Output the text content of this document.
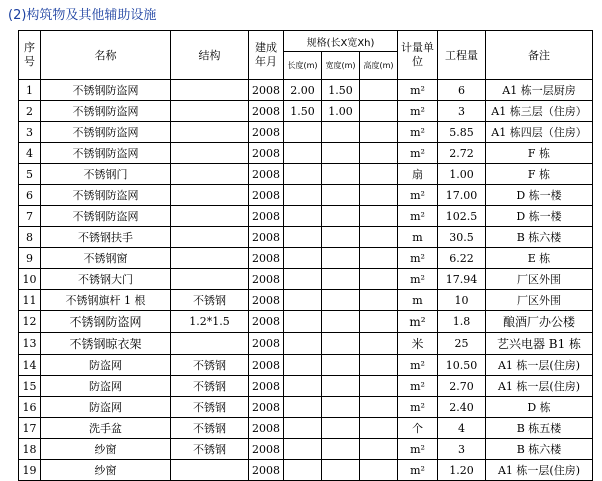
(2)构筑物及其他辅助设施
序号	名称	结构	建成年月	规格(长X宽Xh)			计量单位	工程量	备注
				长度(m)	宽度(m)	高度(m)			
1	不锈钢防盗网		2008	2.00	1.50		m²	6	A1 栋一层厨房
2	不锈钢防盗网		2008	1.50	1.00		m²	3	A1 栋三层（住房）
3	不锈钢防盗网		2008				m²	5.85	A1 栋四层（住房）
4	不锈钢防盗网		2008				m²	2.72	F 栋
5	不锈钢门		2008				扇	1.00	F 栋
6	不锈钢防盗网		2008				m²	17.00	D 栋一楼
7	不锈钢防盗网		2008				m²	102.5	D 栋一楼
8	不锈钢扶手		2008				m	30.5	B 栋六楼
9	不锈钢窗		2008				m²	6.22	E 栋
10	不锈钢大门		2008				m²	17.94	厂区外围
11	不锈钢旗杆 1 根	不锈钢	2008				m	10	厂区外围
12	不锈钢防盗网	1.2*1.5	2008				m²	1.8	酿酒厂办公楼
13	不锈钢晾衣架		2008				米	25	艺兴电器 B1 栋
14	防盗网	不锈钢	2008				m²	10.50	A1 栋一层(住房)
15	防盗网	不锈钢	2008				m²	2.70	A1 栋一层(住房)
16	防盗网	不锈钢	2008				m²	2.40	D 栋
17	洗手盆	不锈钢	2008				个	4	B 栋五楼
18	纱窗	不锈钢	2008				m²	3	B 栋六楼
19	纱窗		2008				m²	1.20	A1 栋一层(住房)
